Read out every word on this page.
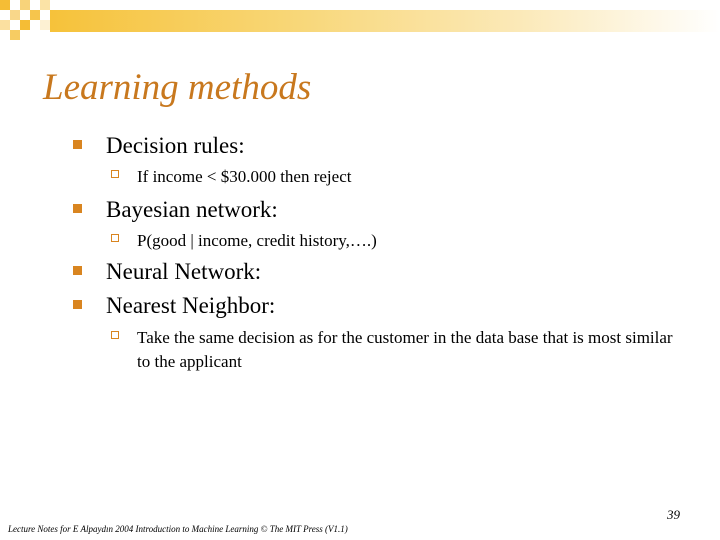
Learning methods
Decision rules:
If income < $30.000 then reject
Bayesian network:
P(good | income, credit history,….)
Neural Network:
Nearest Neighbor:
Take the same decision as for the customer in the data base that is most similar to the applicant
39
Lecture Notes for E Alpaydın 2004 Introduction to Machine Learning © The MIT Press (V1.1)
